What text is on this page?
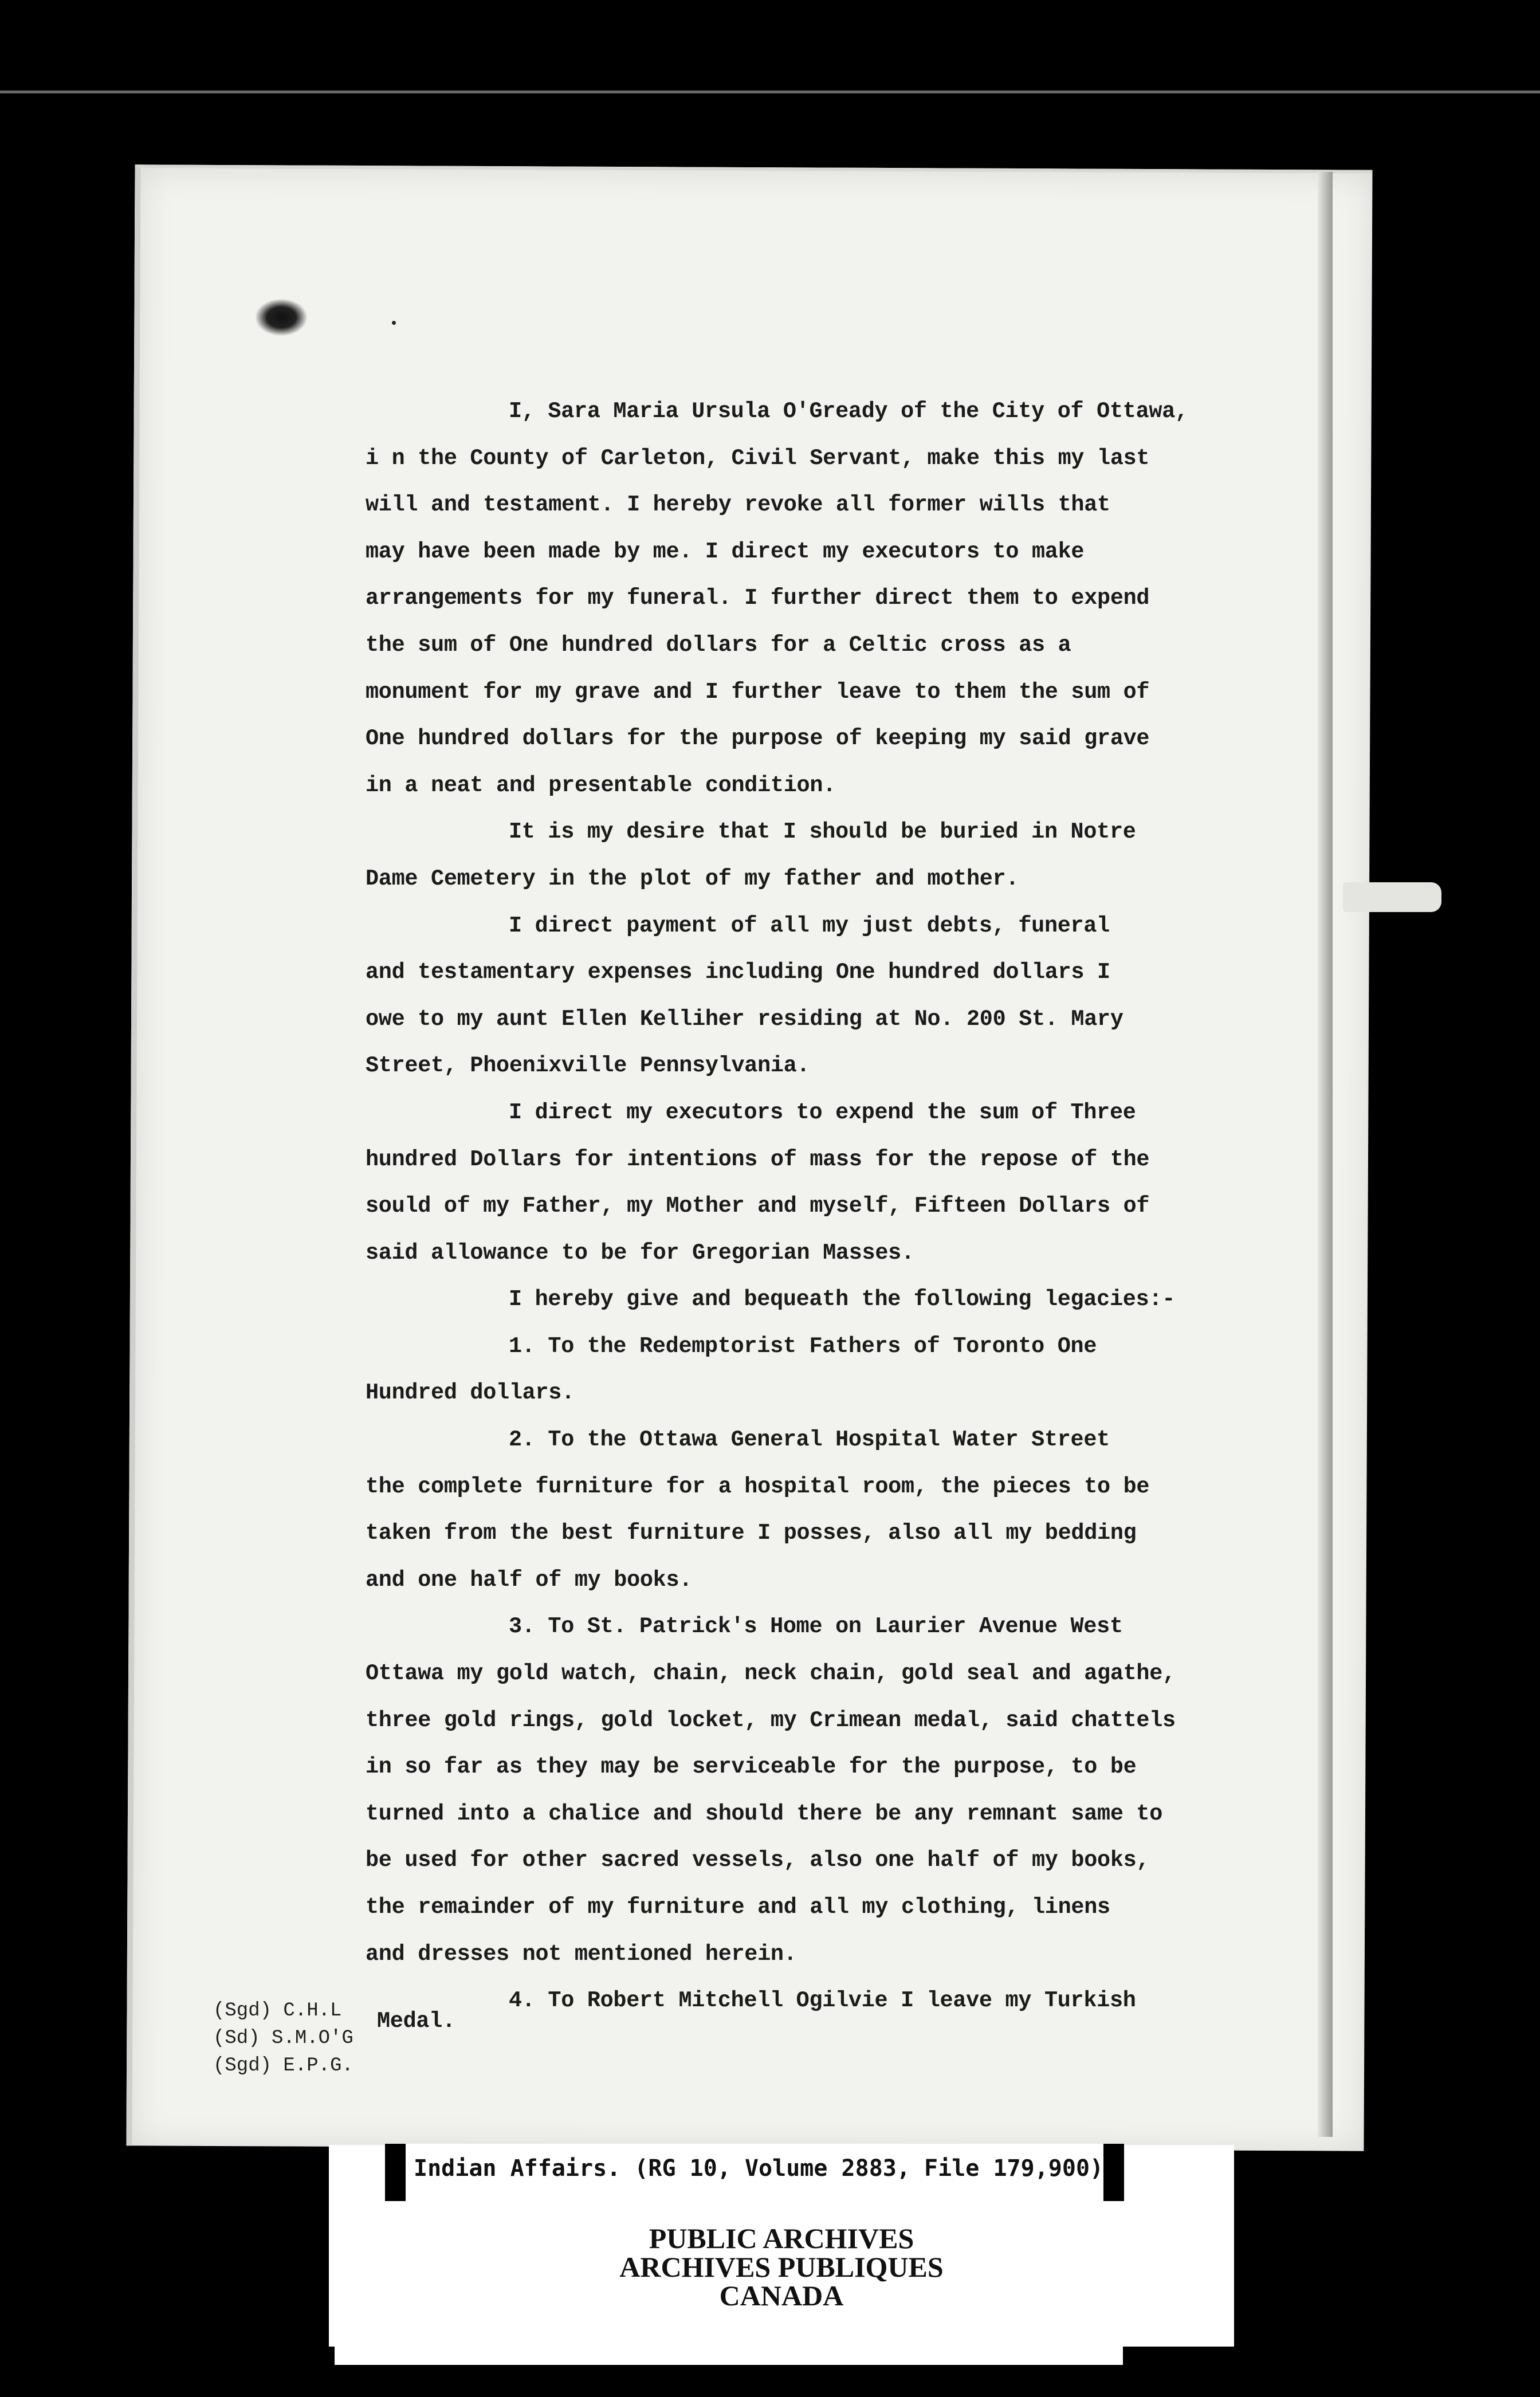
I, Sara Maria Ursula O'Gready of the City of Ottawa,
i n the County of Carleton, Civil Servant, make this my last
will and testament. I hereby revoke all former wills that
may have been made by me. I direct my executors to make
arrangements for my funeral. I further direct them to expend
the sum of One hundred dollars for a Celtic cross as a
monument for my grave and I further leave to them the sum of
One hundred dollars for the purpose of keeping my said grave
in a neat and presentable condition.
It is my desire that I should be buried in Notre
Dame Cemetery in the plot of my father and mother.
I direct payment of all my just debts, funeral
and testamentary expenses including One hundred dollars I
owe to my aunt Ellen Kelliher residing at No. 200 St. Mary
Street, Phoenixville Pennsylvania.
I direct my executors to expend the sum of Three
hundred Dollars for intentions of mass for the repose of the
sould of my Father, my Mother and myself, Fifteen Dollars of
said allowance to be for Gregorian Masses.
I hereby give and bequeath the following legacies:-
1. To the Redemptorist Fathers of Toronto One
Hundred dollars.
2. To the Ottawa General Hospital Water Street
the complete furniture for a hospital room, the pieces to be
taken from the best furniture I posses, also all my bedding
and one half of my books.
3. To St. Patrick's Home on Laurier Avenue West
Ottawa my gold watch, chain, neck chain, gold seal and agathe,
three gold rings, gold locket, my Crimean medal, said chattels
in so far as they may be serviceable for the purpose, to be
turned into a chalice and should there be any remnant same to
be used for other sacred vessels, also one half of my books,
the remainder of my furniture and all my clothing, linens
and dresses not mentioned herein.
4. To Robert Mitchell Ogilvie I leave my Turkish
Medal.
(Sgd) C.H.L
(Sd) S.M.O'G
(Sgd) E.P.G.
Indian Affairs. (RG 10, Volume 2883, File 179,900)
PUBLIC ARCHIVES
ARCHIVES PUBLIQUES
CANADA
